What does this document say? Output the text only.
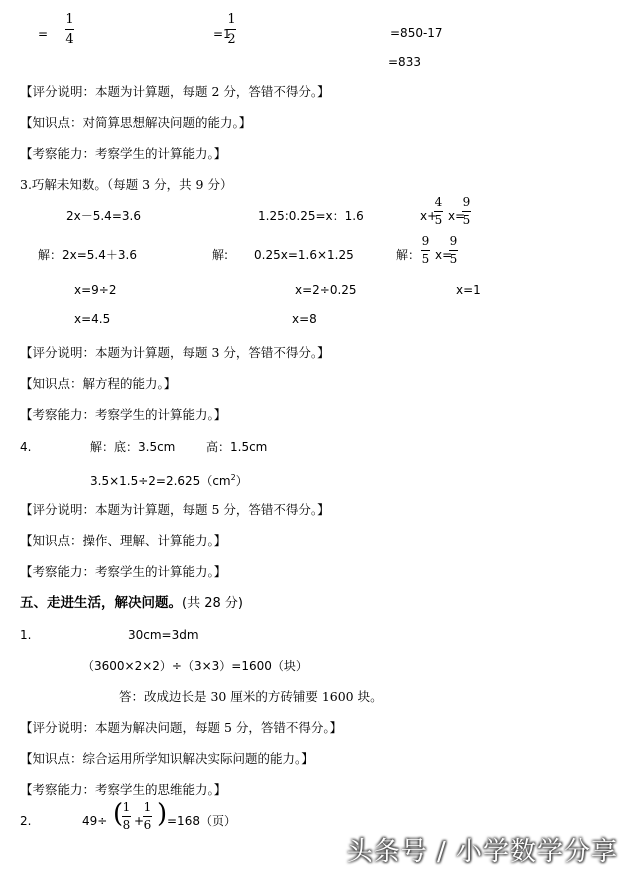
=
1
4	=1
1
2	=850-17
=833
【评分说明：本题为计算题，每题 2 分，答错不得分。】
【知识点：对简算思想解决问题的能力。】
【考察能力：考察学生的计算能力。】
3.巧解未知数。（每题 3 分，共 9 分）
2x－5.4=3.6	1.25:0.25=x：1.6	x+
4
5 x=
9
5
解：2x=5.4＋3.6	解: 0.25x=1.6×1.25	解：
9
5 x=
9
5
x=9÷2	x=2÷0.25	x=1
x=4.5	x=8
【评分说明：本题为计算题，每题 3 分，答错不得分。】
【知识点：解方程的能力。】
【考察能力：考察学生的计算能力。】
4.	解：底：3.5cm	高：1.5cm
$3.5\times 1.5\div 2=2.625(cm^2)$
【评分说明：本题为计算题，每题 5 分，答错不得分。】
【知识点：操作、理解、计算能力。】
【考察能力：考察学生的计算能力。】
五、走进生活，解决问题。(共 28 分)
1.	30cm=3dm
（3600×2×2）÷（3×3）=1600（块）
答：改成边长是 30 厘米的方砖铺要 1600 块。
【评分说明：本题为解决问题，每题 5 分，答错不得分。】
【知识点：综合运用所学知识解决实际问题的能力。】
【考察能力：考察学生的思维能力。】
2.	49÷ ( 1
8 +
1
6 ) =168（页）
头条号 / 小学数学分享
